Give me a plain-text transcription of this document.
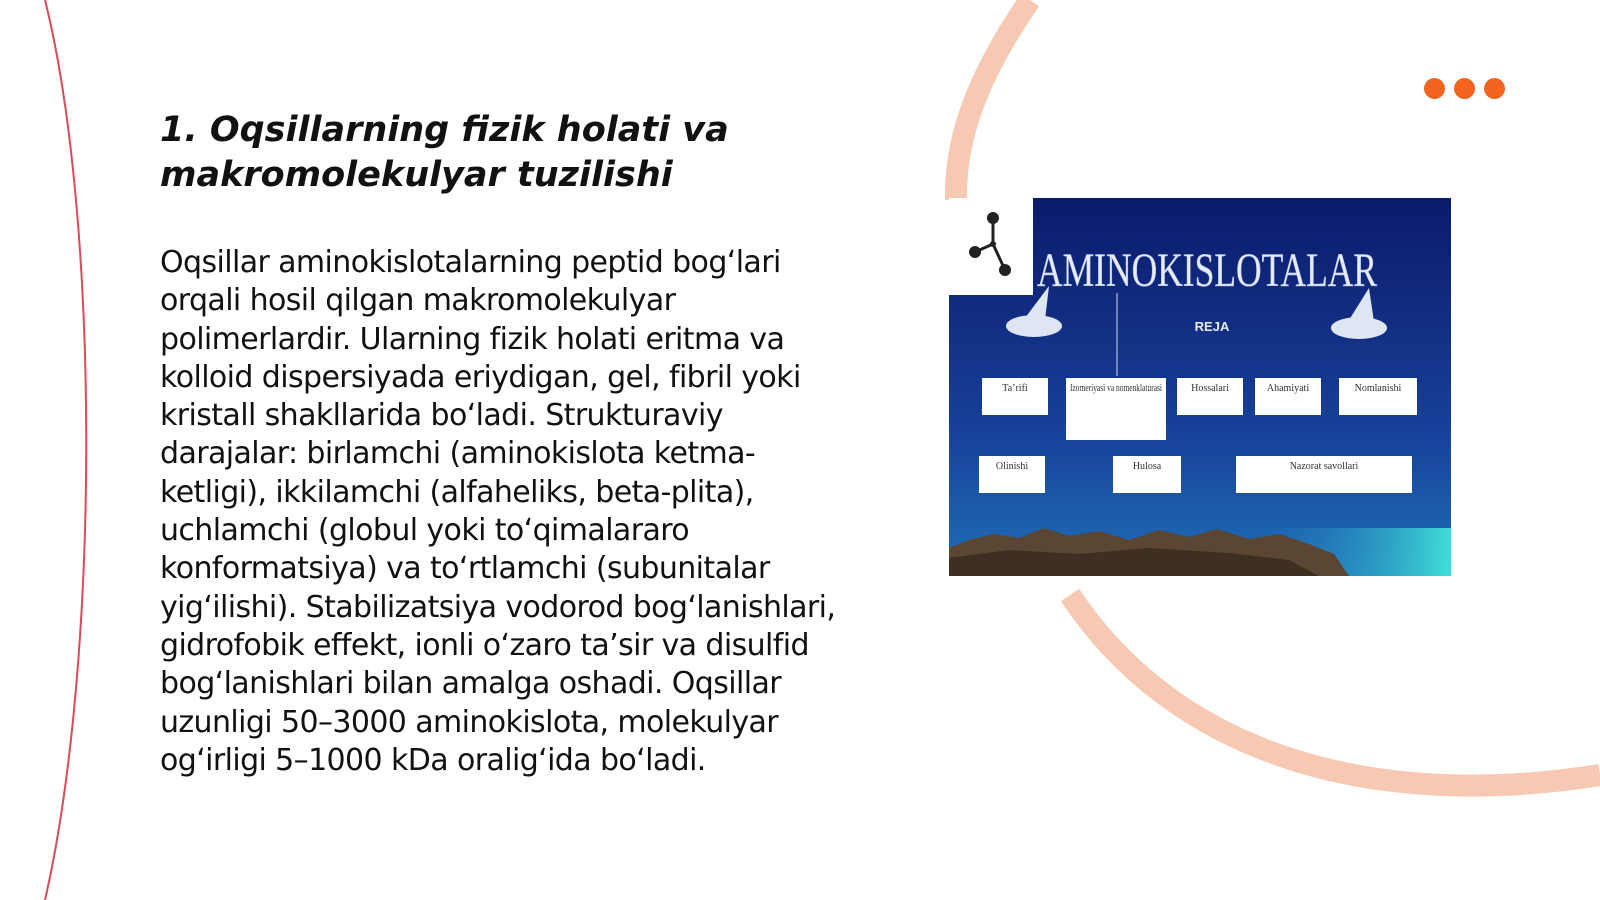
1. Oqsillarning fizik holati va makromolekulyar tuzilishi

Oqsillar aminokislotalarning peptid bog‘lari orqali hosil qilgan makromolekulyar polimerlardir. Ularning fizik holati eritma va kolloid dispersiyada eriydigan, gel, fibril yoki kristall shakllarida bo‘ladi. Strukturaviy darajalar: birlamchi (aminokislota ketma-ketligi), ikkilamchi (alfaheliks, beta-plita), uchlamchi (globul yoki to‘qimalararo konformatsiya) va to‘rtlamchi (subunitalar yig‘ilishi). Stabilizatsiya vodorod bog‘lanishlari, gidrofobik effekt, ionli o‘zaro ta’sir va disulfid bog‘lanishlari bilan amalga oshadi. Oqsillar uzunligi 50–3000 aminokislota, molekulyar og‘irligi 5–1000 kDa oralig‘ida bo‘ladi.

AMINOKISLOTALAR
REJA
Ta’rifi	Izomeriyasi va nomenklaturasi	Hossalari	Ahamiyati	Nomlanishi
Olinishi	Hulosa	Nazorat savollari
